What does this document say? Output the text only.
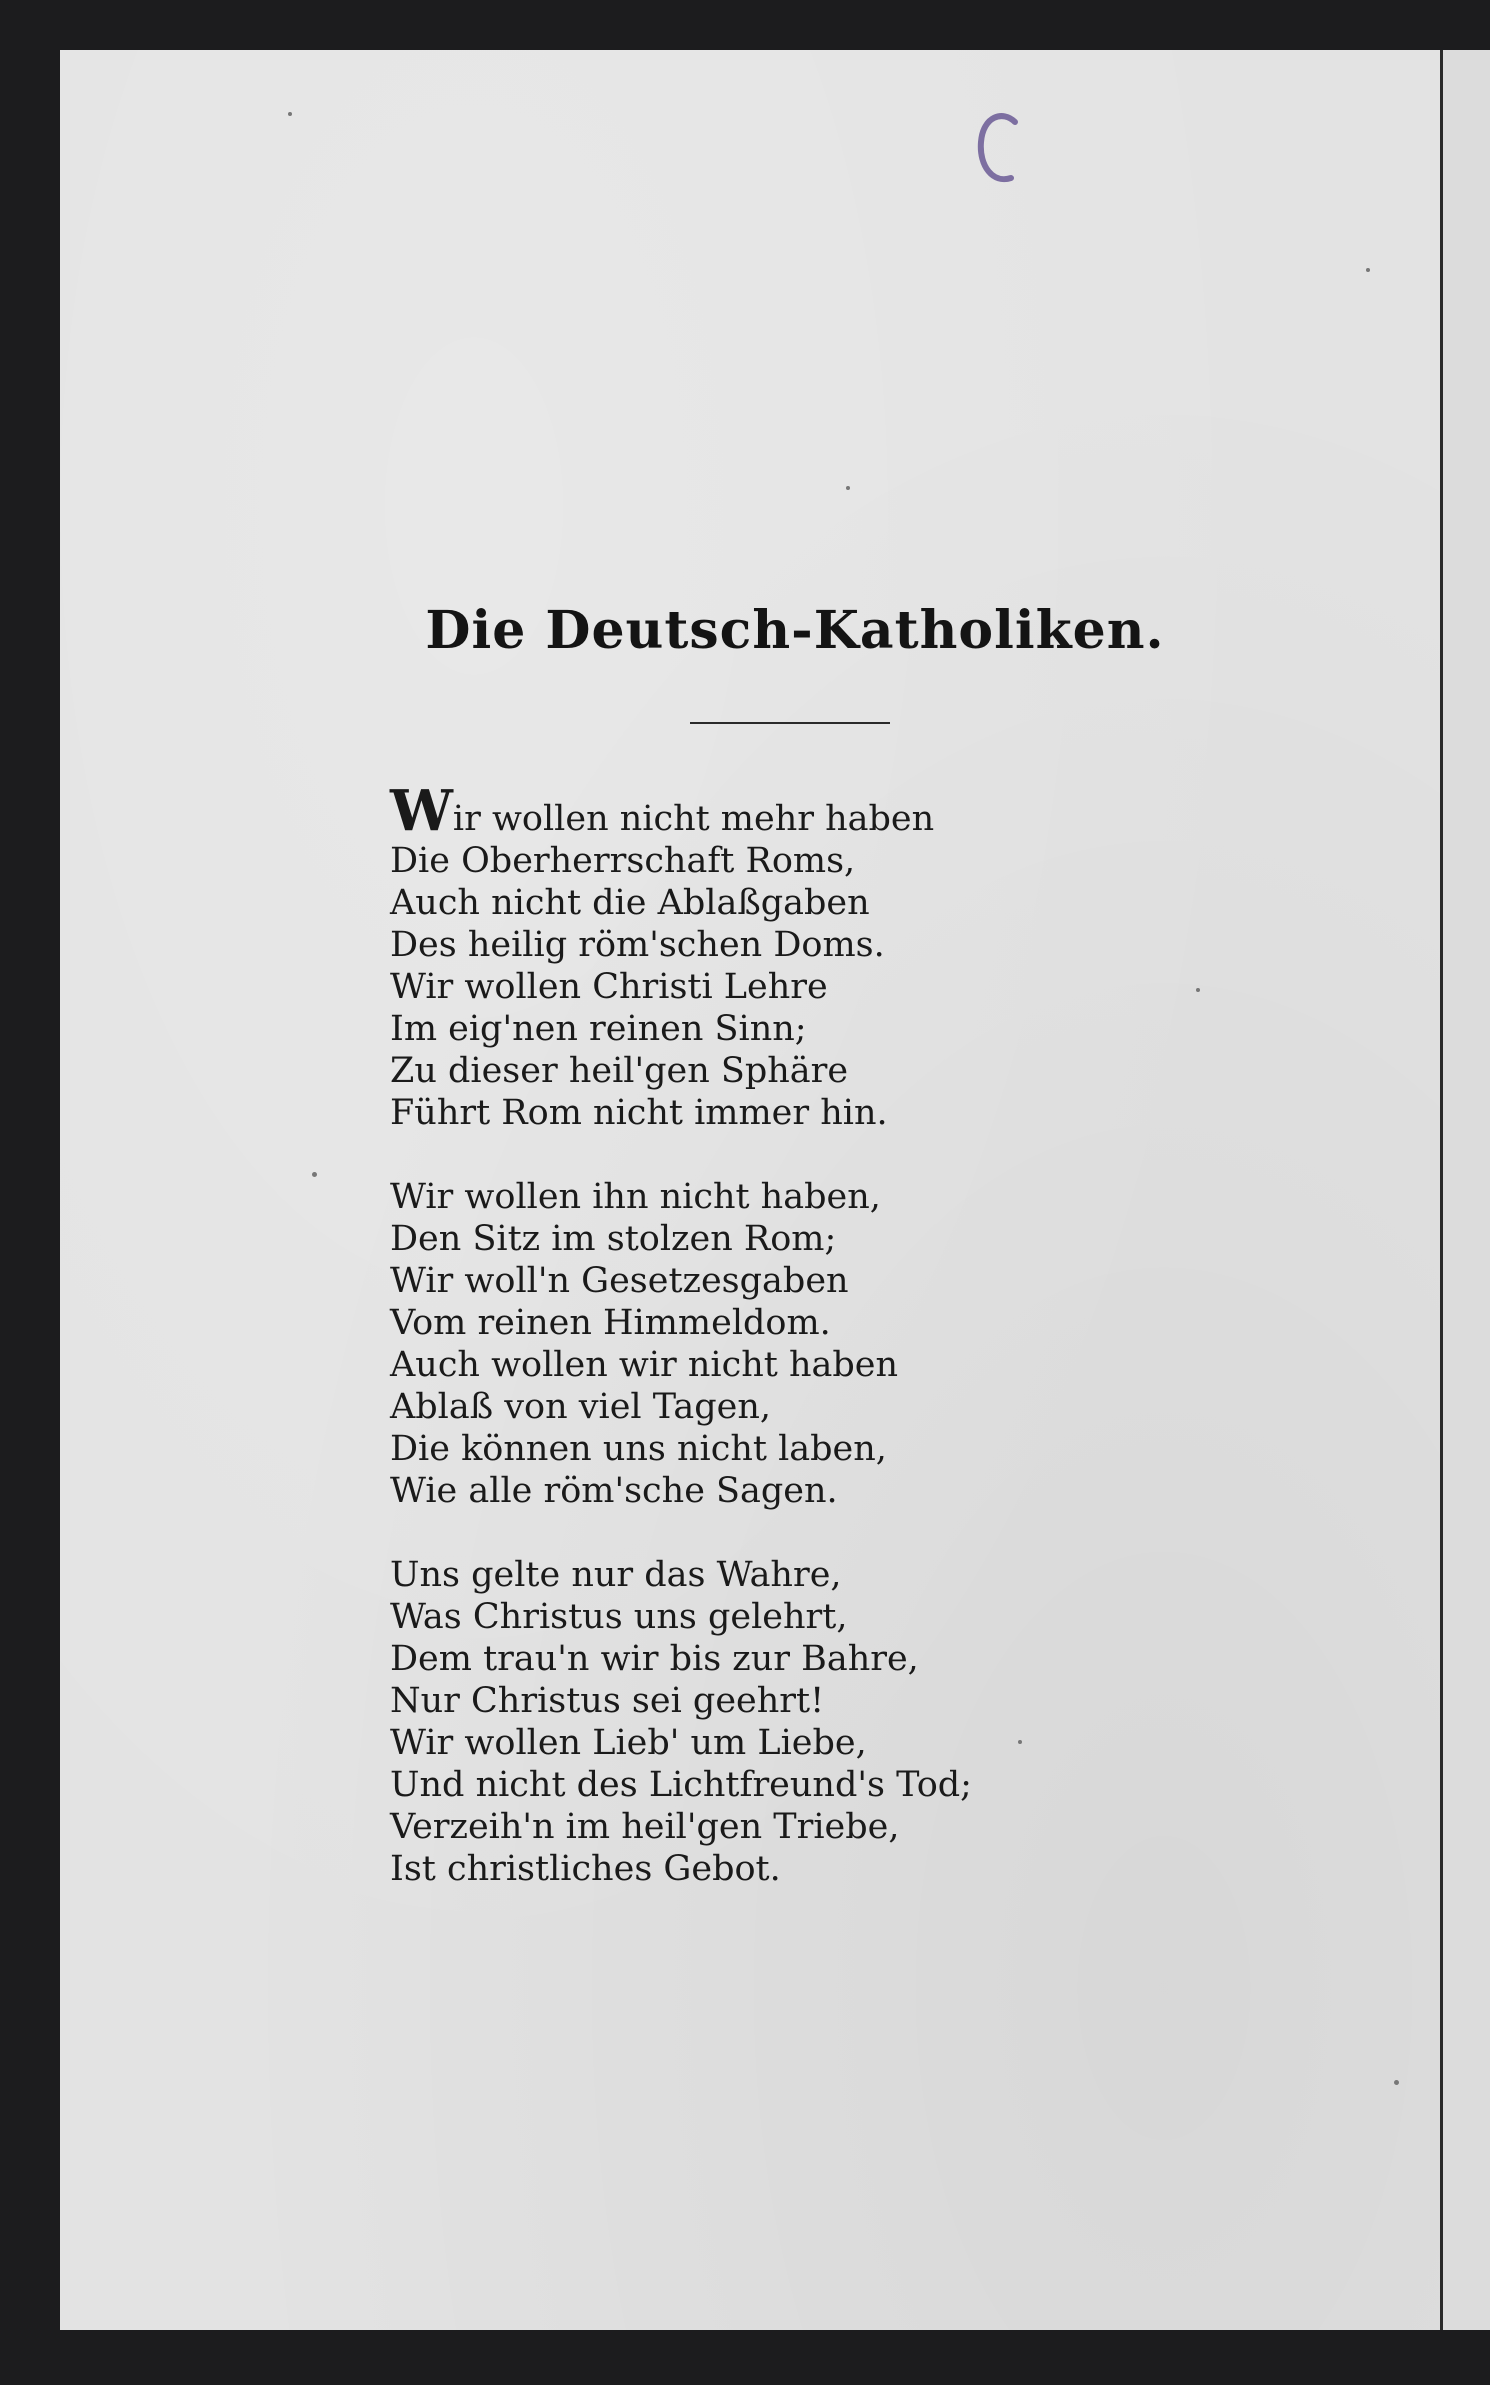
Die Deutsch-Katholiken.
Wir wollen nicht mehr haben
Die Oberherrschaft Roms,
Auch nicht die Ablaßgaben
Des heilig röm'schen Doms.
Wir wollen Christi Lehre
Im eig'nen reinen Sinn;
Zu dieser heil'gen Sphäre
Führt Rom nicht immer hin.
Wir wollen ihn nicht haben,
Den Sitz im stolzen Rom;
Wir woll'n Gesetzesgaben
Vom reinen Himmeldom.
Auch wollen wir nicht haben
Ablaß von viel Tagen,
Die können uns nicht laben,
Wie alle röm'sche Sagen.
Uns gelte nur das Wahre,
Was Christus uns gelehrt,
Dem trau'n wir bis zur Bahre,
Nur Christus sei geehrt!
Wir wollen Lieb' um Liebe,
Und nicht des Lichtfreund's Tod;
Verzeih'n im heil'gen Triebe,
Ist christliches Gebot.
